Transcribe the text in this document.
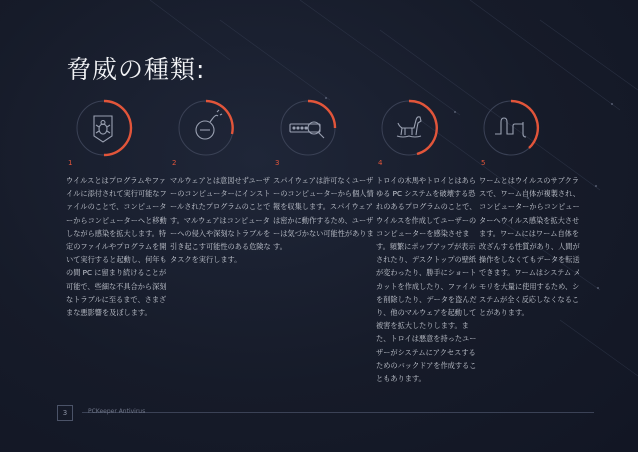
脅威の種類:
1

ウイルスとはプログラムやファイルに添付されて実行可能なファイルのことで、コンピューターからコンピューターへと移動しながら感染を拡大します。特定のファイルやプログラムを開いて実行すると起動し、何年もの間 PC に留まり続けることが可能で、些細な不具合から深刻なトラブルに至るまで、さまざまな悪影響を及ぼします。

2

マルウェアとは意図せずユーザーのコンピューターにインストールされたプログラムのことです。マルウェアはコンピューターへの侵入や深刻なトラブルを引き起こす可能性のある危険なタスクを実行します。

3

スパイウェアは許可なくユーザーのコンピューターから個人情報を収集します。スパイウェアは密かに動作するため、ユーザーは気づかない可能性があります。

4

トロイの木馬やトロイとはあらゆる PC システムを破壊する恐れのあるプログラムのことで、ウイルスを作成してユーザーのコンピューターを感染させます。頻繁にポップアップが表示されたり、デスクトップの壁紙が変わったり、勝手にショートカットを作成したり、ファイルを削除したり、データを盗んだり、他のマルウェアを起動して被害を拡大したりします。また、トロイは悪意を持ったユーザーがシステムにアクセスするためのバックドアを作成することもあります。

5

ワームとはウイルスのサブクラスで、ワーム自体が複製され、コンピューターからコンピューターへウイルス感染を拡大させます。ワームにはワーム自体を改ざんする性質があり、人間が操作をしなくてもデータを転送できます。ワームはシステム メモリを大量に使用するため、システムが全く反応しなくなることがあります。

3	PCKeeper Antivirus
